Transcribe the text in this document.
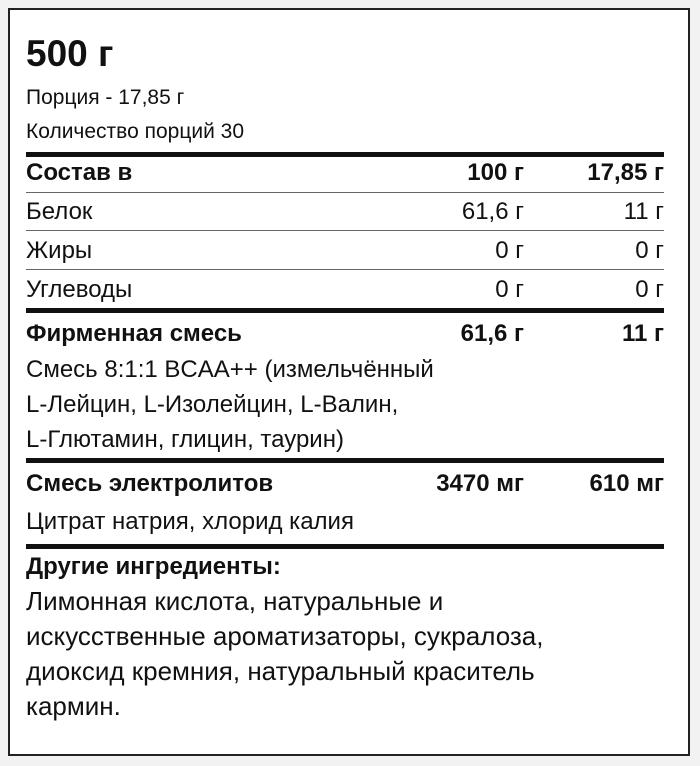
500 г
Порция - 17,85 г
Количество порций 30
Состав в	100 г	17,85 г
Белок	61,6 г	11 г
Жиры	0 г	0 г
Углеводы	0 г	0 г
Фирменная смесь	61,6 г	11 г
Смесь 8:1:1 BCAA++ (измельчённый
L-Лейцин, L-Изолейцин, L-Валин,
L-Глютамин, глицин, таурин)
Смесь электролитов	3470 мг	610 мг
Цитрат натрия, хлорид калия
Другие ингредиенты:
Лимонная кислота, натуральные и
искусственные ароматизаторы, сукралоза,
диоксид кремния, натуральный краситель
кармин.
